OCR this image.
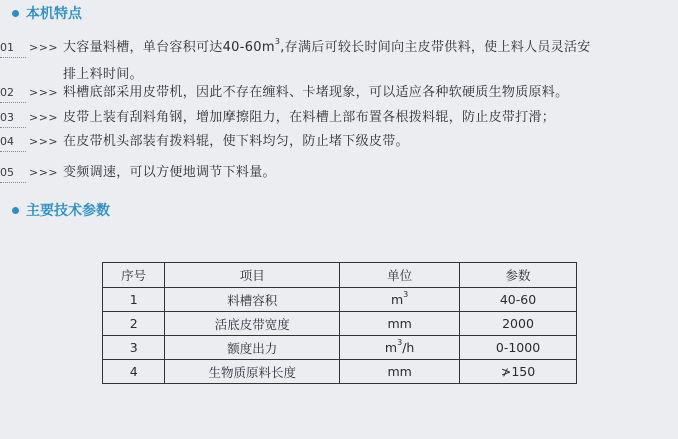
本机特点
01	>>> 大容量料槽，单台容积可达$40-60m^3$,存满后可较长时间向主皮带供料，使上料人员灵活安
排上料时间。
02	>>> 料槽底部采用皮带机，因此不存在缠料、卡堵现象，可以适应各种软硬质生物质原料。
03	>>> 皮带上装有刮料角钢，增加摩擦阻力，在料槽上部布置各根拨料辊，防止皮带打滑；
04	>>> 在皮带机头部装有拨料辊，使下料均匀，防止堵下级皮带。
05	>>> 变频调速，可以方便地调节下料量。
主要技术参数
序号	项目	单位	参数
1	料槽容积	$m^3$	40-60
2	活底皮带宽度	mm	2000
3	额度出力	$m^3/h$	0-1000
4	生物质原料长度	mm	≯150
